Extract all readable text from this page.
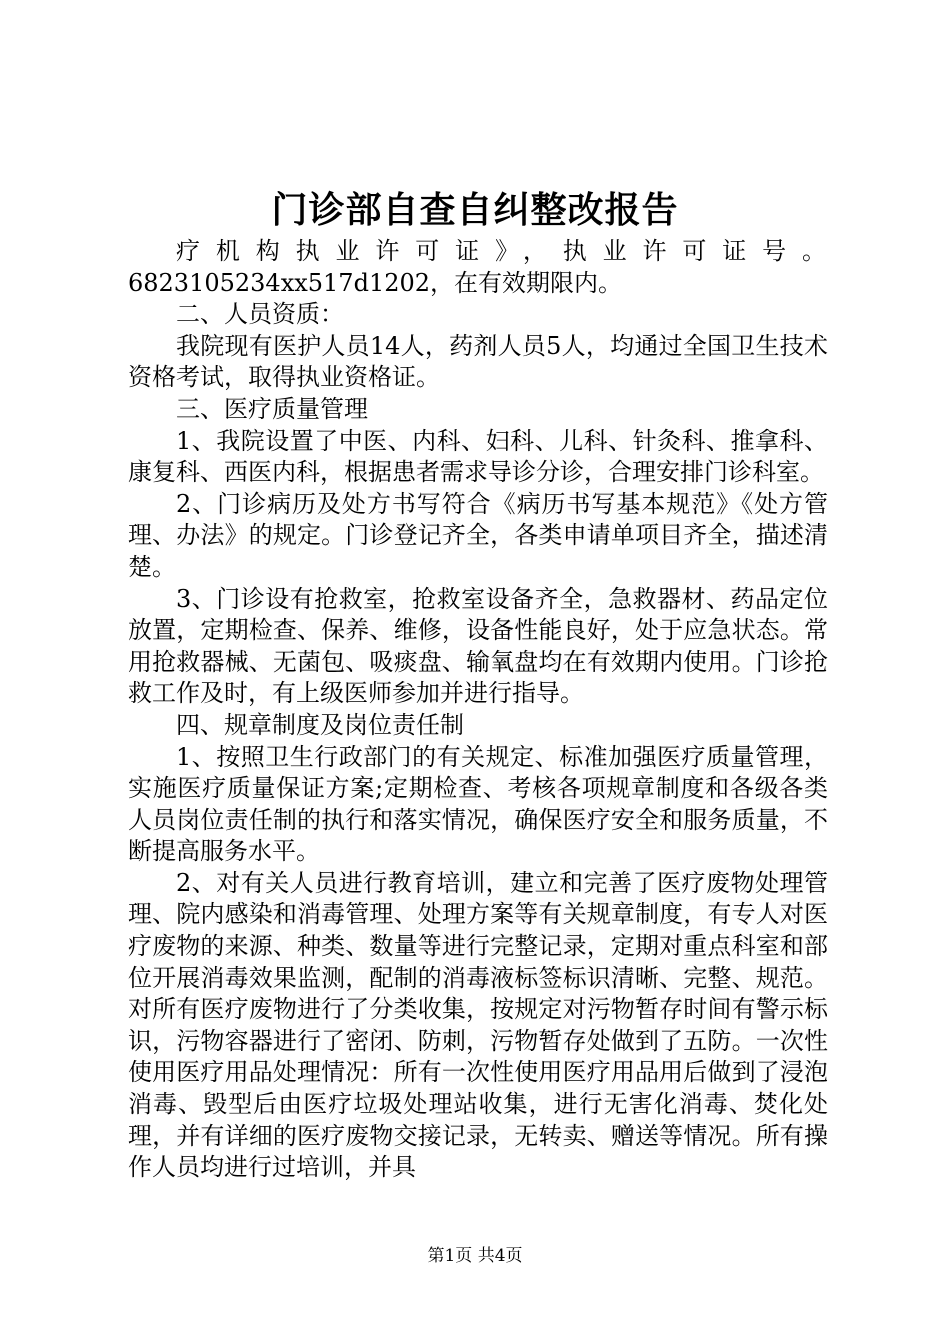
门诊部自查自纠整改报告

疗机构执业许可证》，执业许可证号。

6823105234xx517d1202，在有效期限内。

二、人员资质：

我院现有医护人员14人，药剂人员5人，均通过全国卫生技术资格考试，取得执业资格证。

三、医疗质量管理

1、我院设置了中医、内科、妇科、儿科、针灸科、推拿科、康复科、西医内科，根据患者需求导诊分诊，合理安排门诊科室。

2、门诊病历及处方书写符合《病历书写基本规范》《处方管理、办法》的规定。门诊登记齐全，各类申请单项目齐全，描述清楚。

3、门诊设有抢救室，抢救室设备齐全，急救器材、药品定位放置，定期检查、保养、维修，设备性能良好，处于应急状态。常用抢救器械、无菌包、吸痰盘、输氧盘均在有效期内使用。门诊抢救工作及时，有上级医师参加并进行指导。

四、规章制度及岗位责任制

1、按照卫生行政部门的有关规定、标准加强医疗质量管理，实施医疗质量保证方案;定期检查、考核各项规章制度和各级各类人员岗位责任制的执行和落实情况，确保医疗安全和服务质量，不断提高服务水平。

2、对有关人员进行教育培训，建立和完善了医疗废物处理管理、院内感染和消毒管理、处理方案等有关规章制度，有专人对医疗废物的来源、种类、数量等进行完整记录，定期对重点科室和部位开展消毒效果监测，配制的消毒液标签标识清晰、完整、规范。对所有医疗废物进行了分类收集，按规定对污物暂存时间有警示标识，污物容器进行了密闭、防刺，污物暂存处做到了五防。一次性使用医疗用品处理情况：所有一次性使用医疗用品用后做到了浸泡消毒、毁型后由医疗垃圾处理站收集，进行无害化消毒、焚化处理，并有详细的医疗废物交接记录，无转卖、赠送等情况。所有操作人员均进行过培训，并具

第1页 共4页
